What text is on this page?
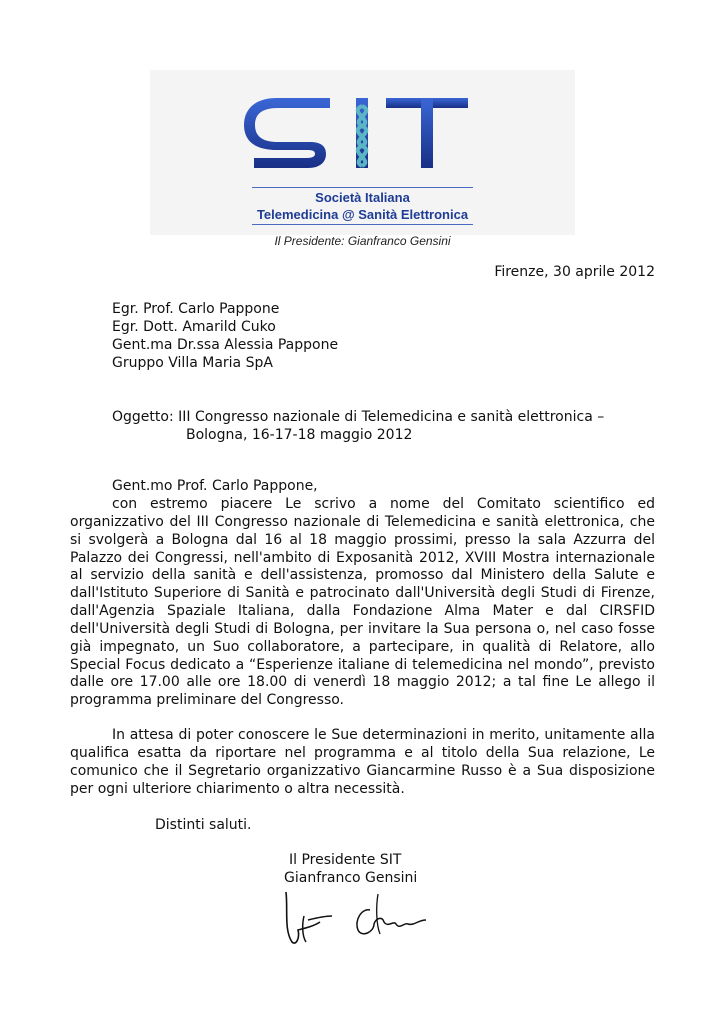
Società Italiana
Telemedicina @ Sanità Elettronica
Il Presidente: Gianfranco Gensini
Firenze, 30 aprile 2012
Egr. Prof. Carlo Pappone
Egr. Dott. Amarild Cuko
Gent.ma Dr.ssa Alessia Pappone
Gruppo Villa Maria SpA
Oggetto: III Congresso nazionale di Telemedicina e sanità elettronica –
Bologna, 16-17-18 maggio 2012
Gent.mo Prof. Carlo Pappone,

con estremo piacere Le scrivo a nome del Comitato scientifico ed organizzativo del III Congresso nazionale di Telemedicina e sanità elettronica, che si svolgerà a Bologna dal 16 al 18 maggio prossimi, presso la sala Azzurra del Palazzo dei Congressi, nell'ambito di Exposanità 2012, XVIII Mostra internazionale al servizio della sanità e dell'assistenza, promosso dal Ministero della Salute e dall'Istituto Superiore di Sanità e patrocinato dall'Università degli Studi di Firenze, dall'Agenzia Spaziale Italiana, dalla Fondazione Alma Mater e dal CIRSFID dell'Università degli Studi di Bologna, per invitare la Sua persona o, nel caso fosse già impegnato, un Suo collaboratore, a partecipare, in qualità di Relatore, allo Special Focus dedicato a “Esperienze italiane di telemedicina nel mondo”, previsto dalle ore 17.00 alle ore 18.00 di venerdì 18 maggio 2012; a tal fine Le allego il programma preliminare del Congresso.

In attesa di poter conoscere le Sue determinazioni in merito, unitamente alla qualifica esatta da riportare nel programma e al titolo della Sua relazione, Le comunico che il Segretario organizzativo Giancarmine Russo è a Sua disposizione per ogni ulteriore chiarimento o altra necessità.

Distinti saluti.
Il Presidente SIT
Gianfranco Gensini
